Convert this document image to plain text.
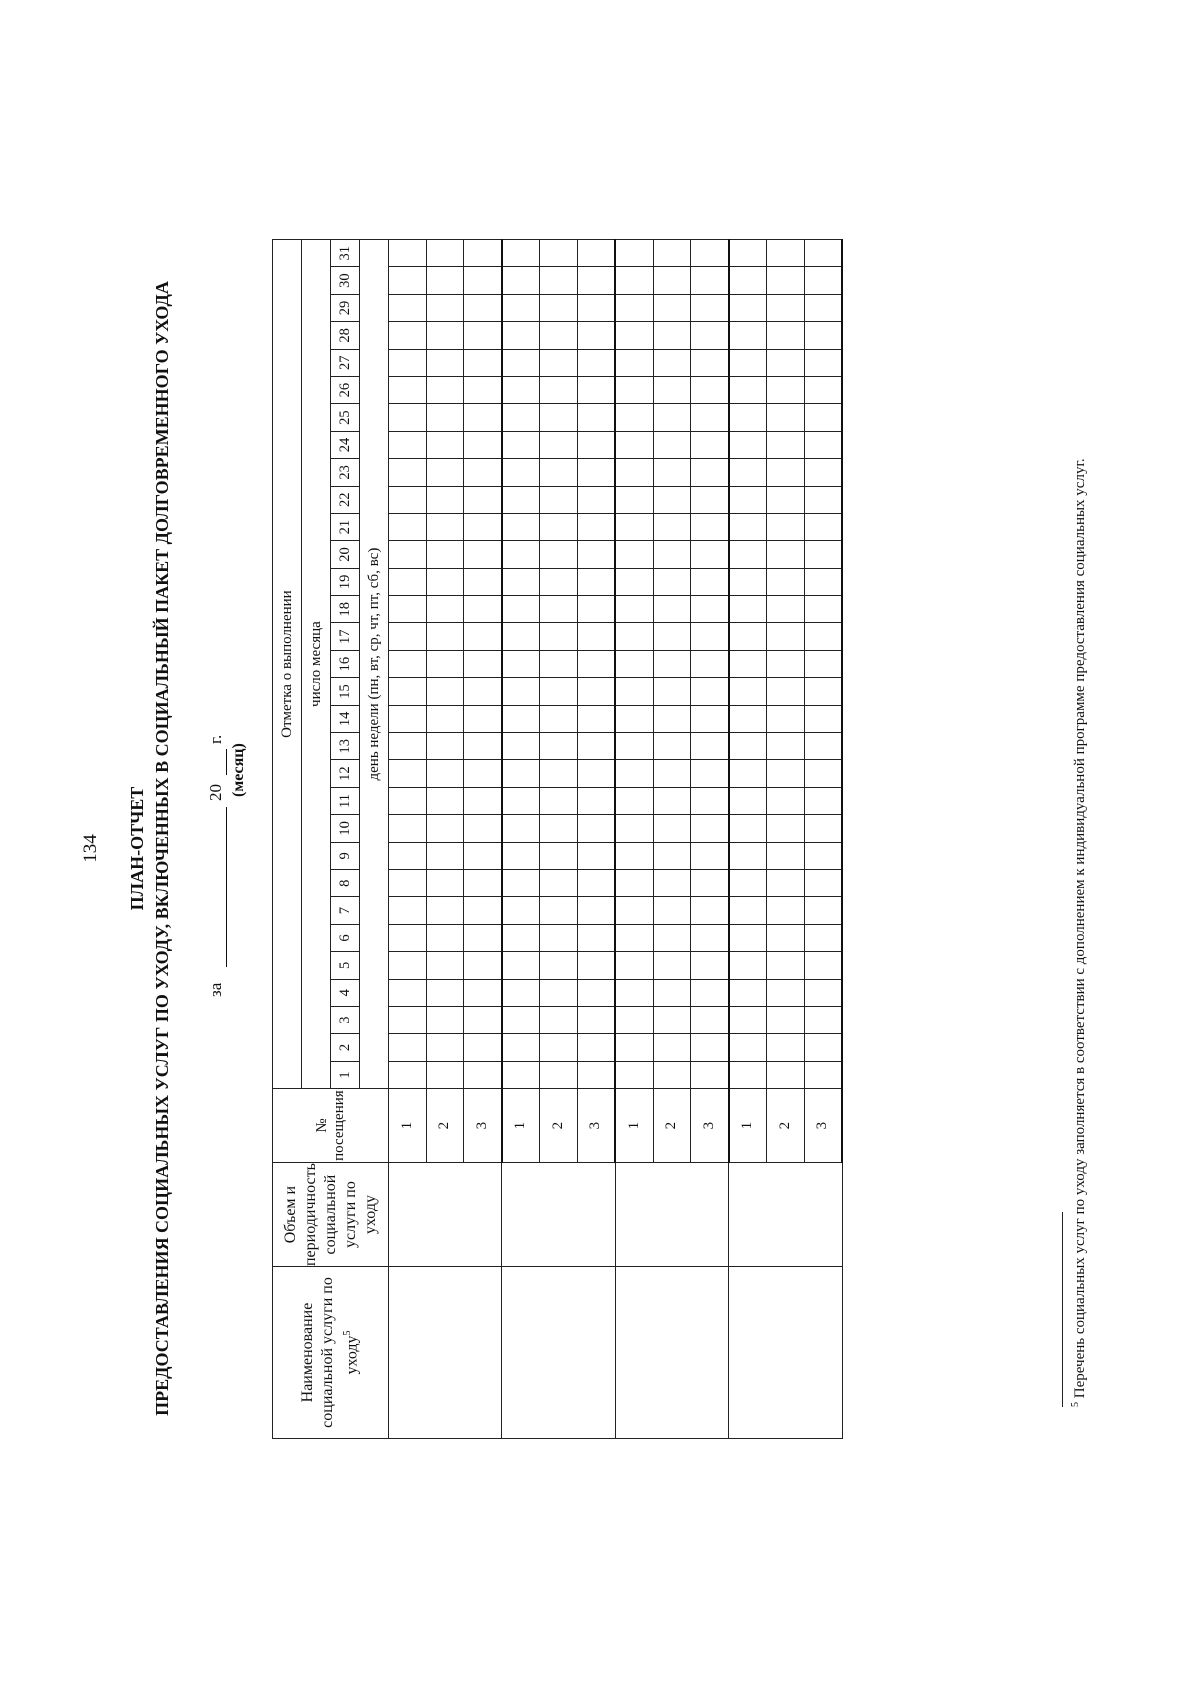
134 ПЛАН-ОТЧЕТ ПРЕДОСТАВЛЕНИЯ СОЦИАЛЬНЫХ УСЛУГ ПО УХОДУ, ВКЛЮЧЕННЫХ В СОЦИАЛЬНЫЙ ПАКЕТ ДОЛГОВРЕМЕННОГО УХОДА за
20
г.
(месяц)
Наименование социальной услуги по уходу$^5$	Объем и периодичность социальной услуги по уходу	№ посещения	Отметка о выполнении																														
			число месяца																														
			1	2	3	4	5	6	7	8	9	10	11	12	13	14	15	16	17	18	19	20	21	22	23	24	25	26	27	28	29	30	31
			день недели (пн, вт, ср, чт, пт, сб, вс)																														
		1																															
		2																															
		3																															
		1																															
		2																															
		3																															
		1																															
		2																															
		3																															
		1																															
		2																															
		3																															
$^5$ Перечень социальных услуг по уходу заполняется в соответствии с дополнением к индивидуальной программе предоставления социальных услуг.
